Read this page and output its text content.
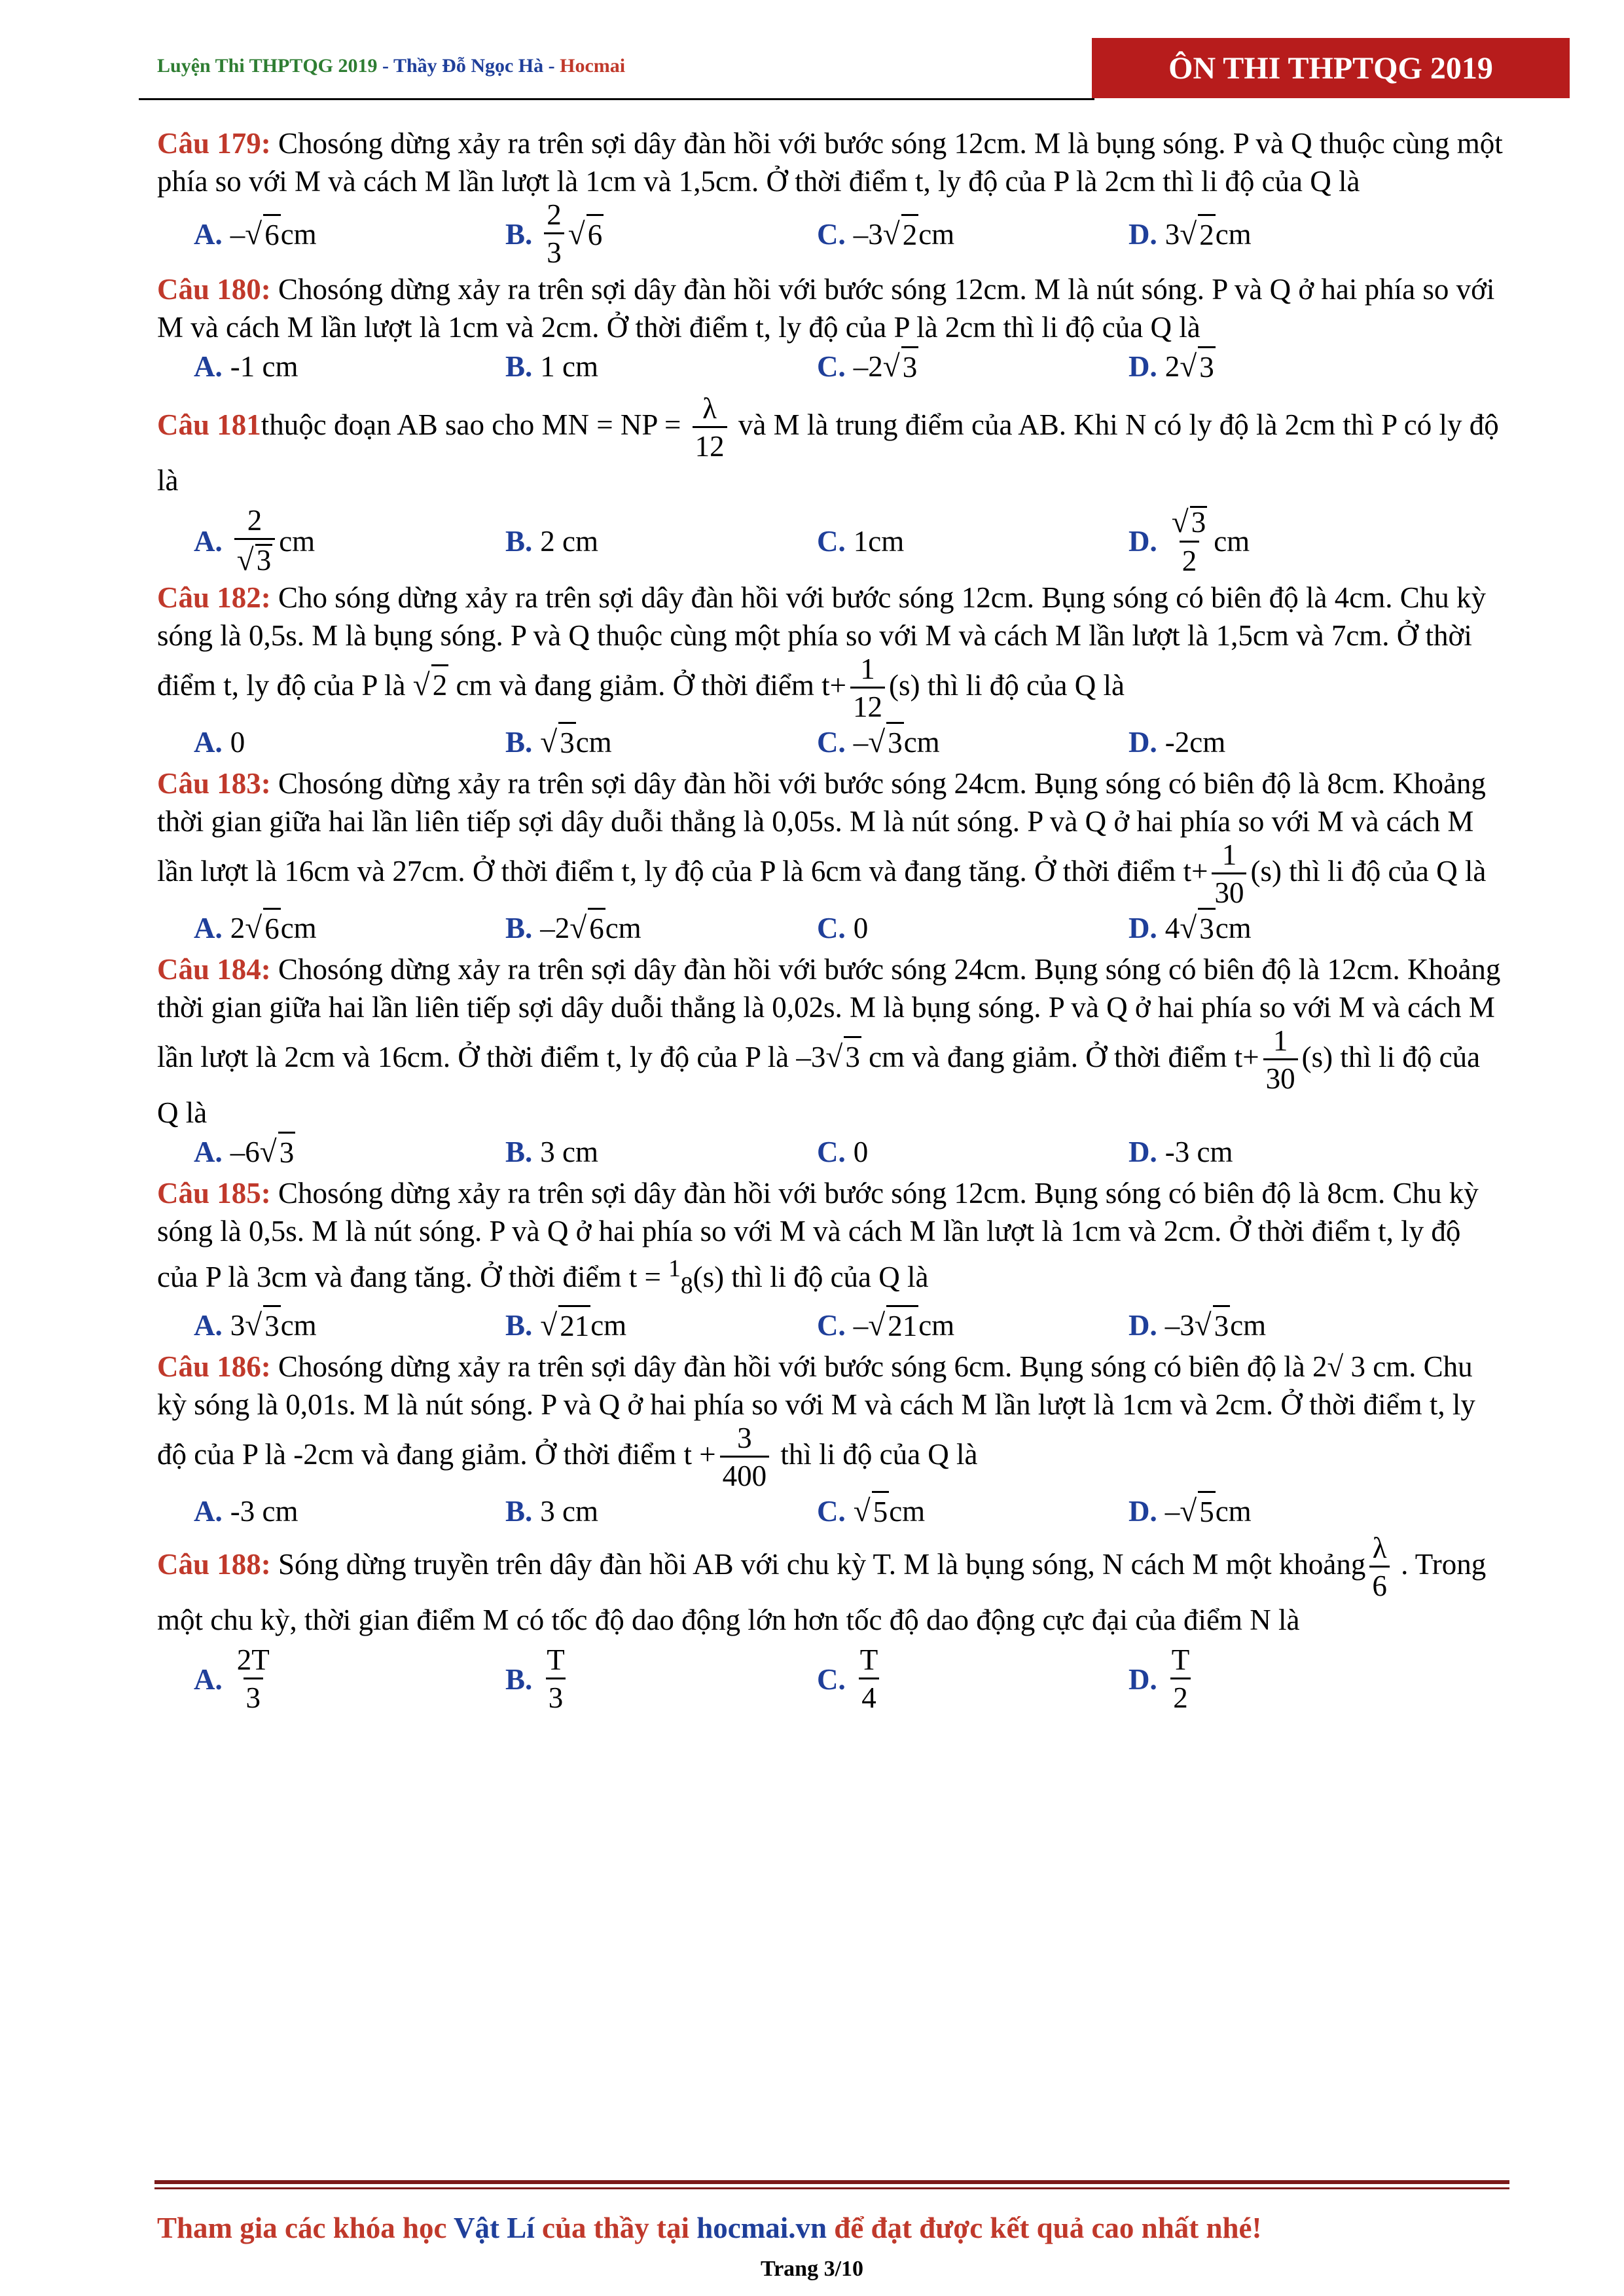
Luyện Thi THPTQG 2019 - Thầy Đỗ Ngọc Hà - Hocmai	ÔN THI THPTQG 2019

Câu 179: Chosóng dừng xảy ra trên sợi dây đàn hồi với bước sóng 12cm. M là bụng sóng. P và Q thuộc cùng một phía so với M và cách M lần lượt là 1cm và 1,5cm. Ở thời điểm t, ly độ của P là 2cm thì li độ của Q là

A. – √ 6 cm	B. $\frac{2}{3}$ √ 6	C. –3 √ 2 cm	D. 3 √ 2 cm

Câu 180: Chosóng dừng xảy ra trên sợi dây đàn hồi với bước sóng 12cm. M là nút sóng. P và Q ở hai phía so với M và cách M lần lượt là 1cm và 2cm. Ở thời điểm t, ly độ của P là 2cm thì li độ của Q là

A. -1 cm	B. 1 cm	C. –2 √ 3	D. 2 √ 3

Câu 181thuộc đoạn AB sao cho MN = NP = $\frac{\lambda}{12}$ và M là trung điểm của AB. Khi N có ly độ là 2cm thì P có ly độ là

A. $\frac{2}{√3}$ cm	B. 2 cm	C. 1cm	D. $\frac{√3}{2}$ cm

Câu 182: Cho sóng dừng xảy ra trên sợi dây đàn hồi với bước sóng 12cm. Bụng sóng có biên độ là 4cm. Chu kỳ sóng là 0,5s. M là bụng sóng. P và Q thuộc cùng một phía so với M và cách M lần lượt là 1,5cm và 7cm. Ở thời điểm t, ly độ của P là √2 cm và đang giảm. Ở thời điểm $t+ \frac{1}{12} (s)$ thì li độ của Q là

A. 0	B. √ 3 cm	C. – √ 3 cm	D. -2cm

Câu 183: Chosóng dừng xảy ra trên sợi dây đàn hồi với bước sóng 24cm. Bụng sóng có biên độ là 8cm. Khoảng thời gian giữa hai lần liên tiếp sợi dây duỗi thẳng là 0,05s. M là nút sóng. P và Q ở hai phía so với M và cách M lần lượt là 16cm và 27cm. Ở thời điểm t, ly độ của P là 6cm và đang tăng. Ở thời điểm $t+ \frac{1}{30} (s)$ thì li độ của Q là

A. 2 √ 6 cm	B. –2 √ 6 cm	C. 0	D. 4 √ 3 cm

Câu 184: Chosóng dừng xảy ra trên sợi dây đàn hồi với bước sóng 24cm. Bụng sóng có biên độ là 12cm. Khoảng thời gian giữa hai lần liên tiếp sợi dây duỗi thẳng là 0,02s. M là bụng sóng. P và Q ở hai phía so với M và cách M lần lượt là 2cm và 16cm. Ở thời điểm t, ly độ của P là –3√3 cm và đang giảm. Ở thời điểm $t+ \frac{1}{30} (s)$ thì li độ của Q là

A. –6 √ 3	B. 3 cm	C. 0	D. -3 cm

Câu 185: Chosóng dừng xảy ra trên sợi dây đàn hồi với bước sóng 12cm. Bụng sóng có biên độ là 8cm. Chu kỳ sóng là 0,5s. M là nút sóng. P và Q ở hai phía so với M và cách M lần lượt là 1cm và 2cm. Ở thời điểm t, ly độ của P là 3cm và đang tăng. Ở thời điểm t = $^1_8$(s) thì li độ của Q là

A. 3 √ 3 cm	B. √ 21 cm	C. – √ 21 cm	D. –3 √ 3 cm

Câu 186: Chosóng dừng xảy ra trên sợi dây đàn hồi với bước sóng 6cm. Bụng sóng có biên độ là 2√ 3 cm. Chu kỳ sóng là 0,01s. M là nút sóng. P và Q ở hai phía so với M và cách M lần lượt là 1cm và 2cm. Ở thời điểm t, ly độ của P là -2cm và đang giảm. Ở thời điểm $t + \frac{3}{400}$ thì li độ của Q là

A. -3 cm	B. 3 cm	C. √ 5 cm	D. – √ 5 cm

Câu 188: Sóng dừng truyền trên dây đàn hồi AB với chu kỳ T. M là bụng sóng, N cách M một khoảng $\frac{\lambda}{6}$ . Trong một chu kỳ, thời gian điểm M có tốc độ dao động lớn hơn tốc độ dao động cực đại của điểm N là

A. $\frac{2T}{3}$	B. $\frac{T}{3}$	C. $\frac{T}{4}$	D. $\frac{T}{2}$
Tham gia các khóa học Vật Lí của thầy tại hocmai.vn để đạt được kết quả cao nhất nhé!
Trang 3/10
